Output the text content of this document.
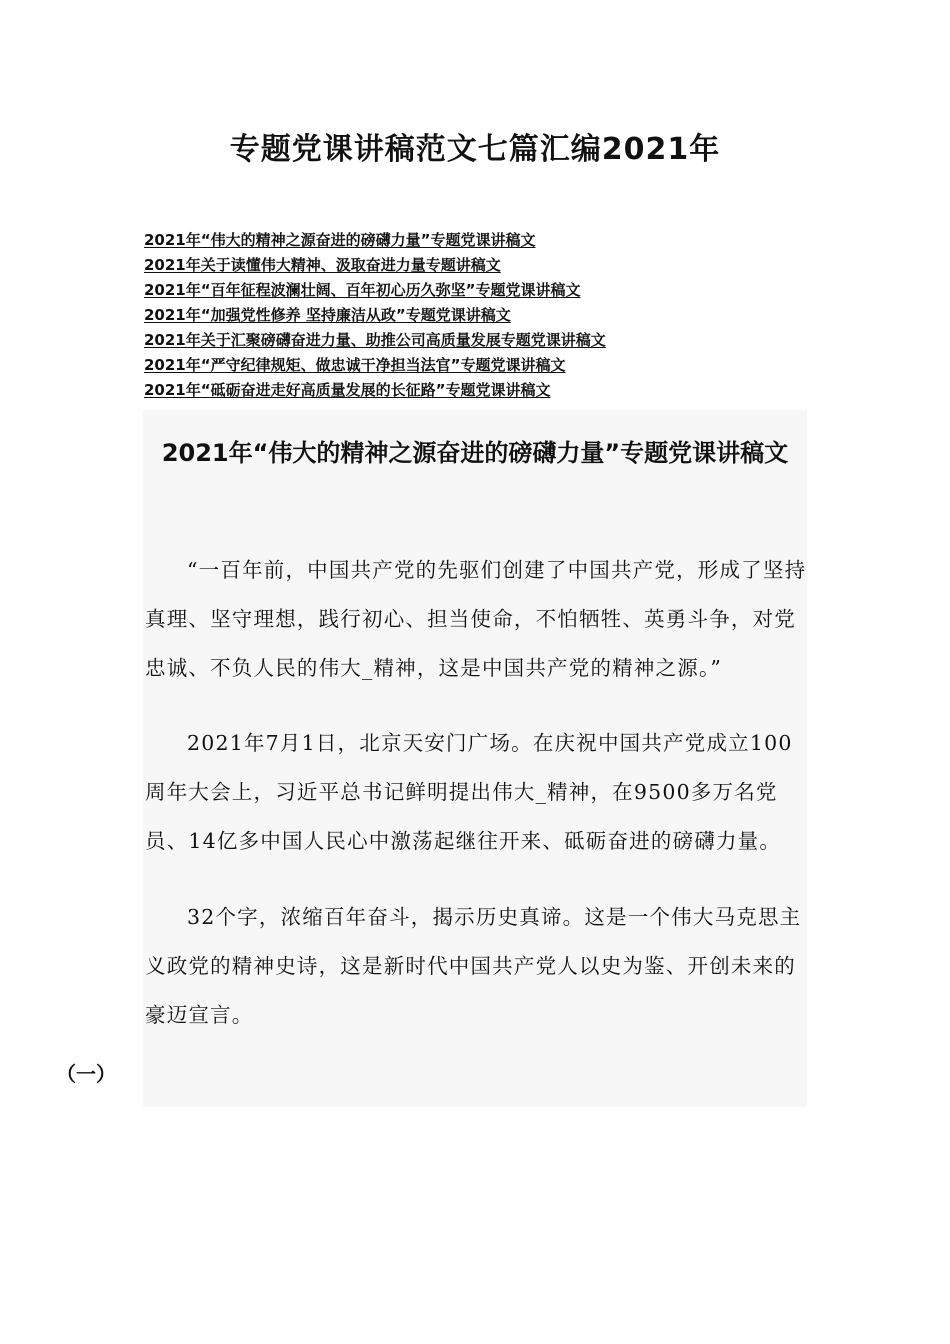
专题党课讲稿范文七篇汇编2021年
2021年“伟大的精神之源奋进的磅礴力量”专题党课讲稿文
2021年关于读懂伟大精神、汲取奋进力量专题讲稿文
2021年“百年征程波澜壮阔、百年初心历久弥坚”专题党课讲稿文
2021年“加强党性修养 坚持廉洁从政”专题党课讲稿文
2021年关于汇聚磅礴奋进力量、助推公司高质量发展专题党课讲稿文
2021年“严守纪律规矩、做忠诚干净担当法官”专题党课讲稿文
2021年“砥砺奋进走好高质量发展的长征路”专题党课讲稿文
2021年“伟大的精神之源奋进的磅礴力量”专题党课讲稿文

“一百年前，中国共产党的先驱们创建了中国共产党，形成了坚持真理、坚守理想，践行初心、担当使命，不怕牺牲、英勇斗争，对党忠诚、不负人民的伟大_精神，这是中国共产党的精神之源。”

2021年7月1日，北京天安门广场。在庆祝中国共产党成立100周年大会上，习近平总书记鲜明提出伟大_精神，在9500多万名党员、14亿多中国人民心中激荡起继往开来、砥砺奋进的磅礴力量。

32个字，浓缩百年奋斗，揭示历史真谛。这是一个伟大马克思主义政党的精神史诗，这是新时代中国共产党人以史为鉴、开创未来的豪迈宣言。

（一）
